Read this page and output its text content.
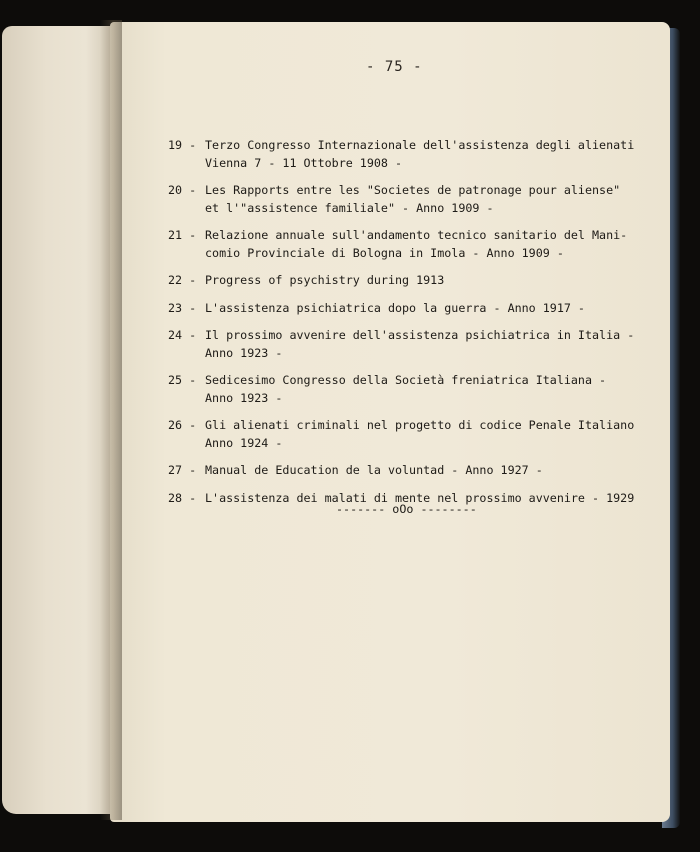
- 75 -
19 - Terzo Congresso Internazionale dell'assistenza degli alienati
Vienna 7 - 11 Ottobre 1908 -
20 - Les Rapports entre les "Societes de patronage pour aliense"
et l'"assistence familiale" - Anno 1909 -
21 - Relazione annuale sull'andamento tecnico sanitario del Mani-
comio Provinciale di Bologna in Imola - Anno 1909 -
22 - Progress of psychistry during 1913
23 - L'assistenza psichiatrica dopo la guerra - Anno 1917 -
24 - Il prossimo avvenire dell'assistenza psichiatrica in Italia -
Anno 1923 -
25 - Sedicesimo Congresso della Società freniatrica Italiana -
Anno 1923 -
26 - Gli alienati criminali nel progetto di codice Penale Italiano
Anno 1924 -
27 - Manual de Education de la voluntad - Anno 1927 -
28 - L'assistenza dei malati di mente nel prossimo avvenire - 1929
------- oOo --------
